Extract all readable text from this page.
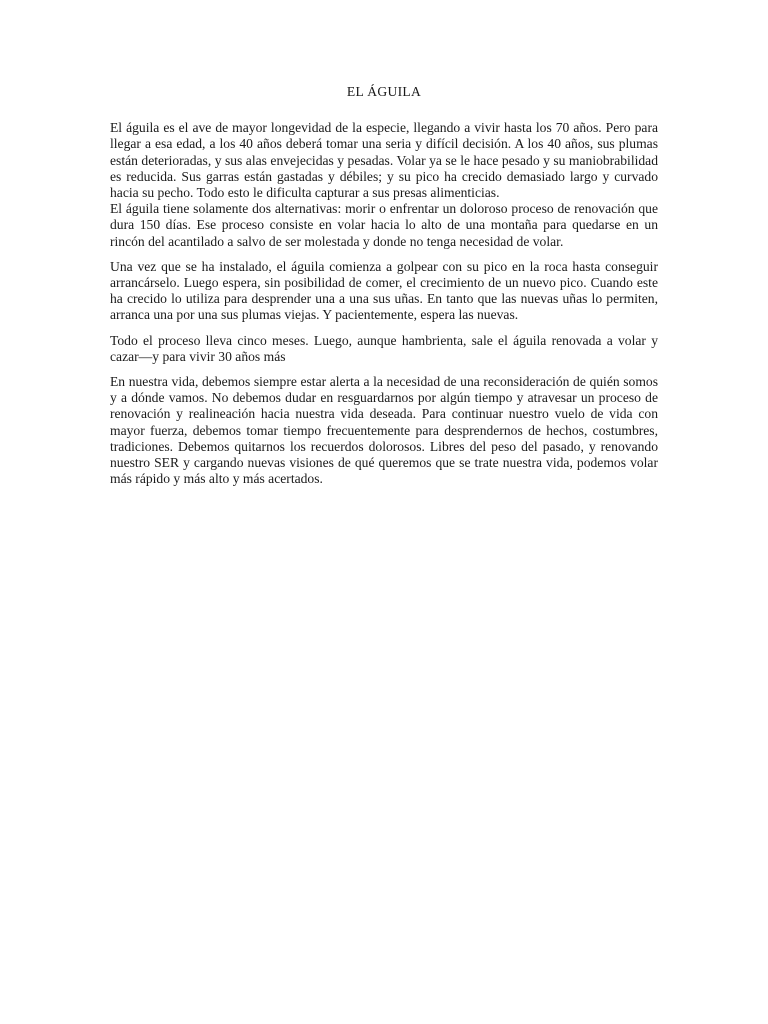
EL ÁGUILA

El águila es el ave de mayor longevidad de la especie, llegando a vivir hasta los 70 años. Pero para llegar a esa edad, a los 40 años deberá tomar una seria y difícil decisión. A los 40 años, sus plumas están deterioradas, y sus alas envejecidas y pesadas. Volar ya se le hace pesado y su maniobrabilidad es reducida. Sus garras están gastadas y débiles; y su pico ha crecido demasiado largo y curvado hacia su pecho. Todo esto le dificulta capturar a sus presas alimenticias.

El águila tiene solamente dos alternativas: morir o enfrentar un doloroso proceso de renovación que dura 150 días. Ese proceso consiste en volar hacia lo alto de una montaña para quedarse en un rincón del acantilado a salvo de ser molestada y donde no tenga necesidad de volar.

Una vez que se ha instalado, el águila comienza a golpear con su pico en la roca hasta conseguir arrancárselo. Luego espera, sin posibilidad de comer, el crecimiento de un nuevo pico. Cuando este ha crecido lo utiliza para desprender una a una sus uñas. En tanto que las nuevas uñas lo permiten, arranca una por una sus plumas viejas. Y pacientemente, espera las nuevas.

Todo el proceso lleva cinco meses. Luego, aunque hambrienta, sale el águila renovada a volar y cazar—y para vivir 30 años más

En nuestra vida, debemos siempre estar alerta a la necesidad de una reconsideración de quién somos y a dónde vamos. No debemos dudar en resguardarnos por algún tiempo y atravesar un proceso de renovación y realineación hacia nuestra vida deseada. Para continuar nuestro vuelo de vida con mayor fuerza, debemos tomar tiempo frecuentemente para desprendernos de hechos, costumbres, tradiciones. Debemos quitarnos los recuerdos dolorosos. Libres del peso del pasado, y renovando nuestro SER y cargando nuevas visiones de qué queremos que se trate nuestra vida, podemos volar más rápido y más alto y más acertados.
